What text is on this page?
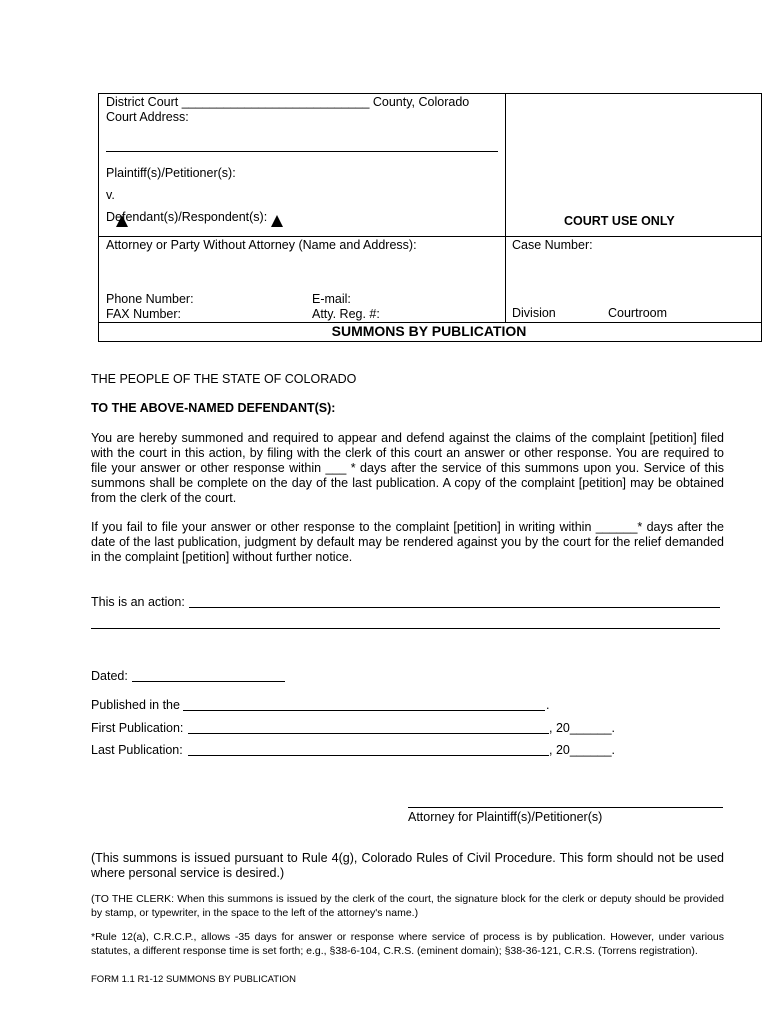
District Court ___________________________ County, Colorado
Court Address:
Plaintiff(s)/Petitioner(s):
v.
Defendant(s)/Respondent(s):	COURT USE ONLY
Attorney or Party Without Attorney (Name and Address):	Case Number:
Phone Number:	E-mail:
FAX Number:	Atty. Reg. #:	Division	Courtroom
SUMMONS BY PUBLICATION
THE PEOPLE OF THE STATE OF COLORADO
TO THE ABOVE-NAMED DEFENDANT(S):
You are hereby summoned and required to appear and defend against the claims of the complaint [petition] filed with the court in this action, by filing with the clerk of this court an answer or other response. You are required to file your answer or other response within ___ * days after the service of this summons upon you. Service of this summons shall be complete on the day of the last publication. A copy of the complaint [petition] may be obtained from the clerk of the court.
If you fail to file your answer or other response to the complaint [petition] in writing within ______* days after the date of the last publication, judgment by default may be rendered against you by the court for the relief demanded in the complaint [petition] without further notice.
This is an action:
Dated:
Published in the	.
First Publication:	, 20______.
Last Publication:	, 20______.
Attorney for Plaintiff(s)/Petitioner(s)
(This summons is issued pursuant to Rule 4(g), Colorado Rules of Civil Procedure. This form should not be used where personal service is desired.)
(TO THE CLERK: When this summons is issued by the clerk of the court, the signature block for the clerk or deputy should be provided by stamp, or typewriter, in the space to the left of the attorney's name.)
*Rule 12(a), C.R.C.P., allows -35 days for answer or response where service of process is by publication. However, under various statutes, a different response time is set forth; e.g., §38-6-104, C.R.S. (eminent domain); §38-36-121, C.R.S. (Torrens registration).
FORM 1.1 R1-12 SUMMONS BY PUBLICATION
